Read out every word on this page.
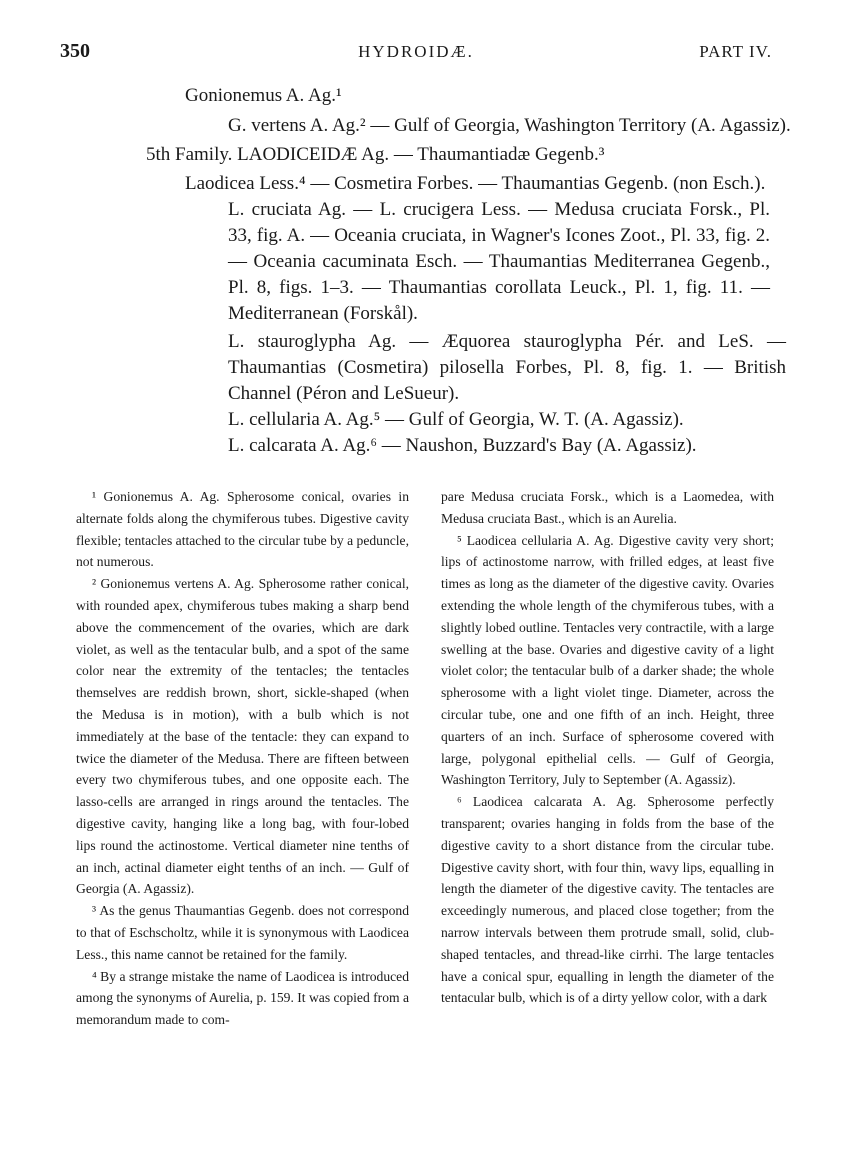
350	HYDROIDÆ.	PART IV.
Gonionemus A. Ag.¹
G. vertens A. Ag.² — Gulf of Georgia, Washington Territory (A. Agassiz).
5th Family. LAODICEIDÆ Ag. — Thaumantiadæ Gegenb.³
Laodicea Less.⁴ — Cosmetira Forbes. — Thaumantias Gegenb. (non Esch.).
L. cruciata Ag. — L. crucigera Less. — Medusa cruciata Forsk., Pl. 33, fig. A. — Oceania cruciata, in Wagner's Icones Zoot., Pl. 33, fig. 2. — Oceania cacuminata Esch. — Thaumantias Mediterranea Gegenb., Pl. 8, figs. 1–3. — Thaumantias corollata Leuck., Pl. 1, fig. 11. — Mediterranean (Forskål).
L. stauroglypha Ag. — Æquorea stauroglypha Pér. and LeS. — Thaumantias (Cosmetira) pilosella Forbes, Pl. 8, fig. 1. — British Channel (Péron and LeSueur).
L. cellularia A. Ag.⁵ — Gulf of Georgia, W. T. (A. Agassiz).
L. calcarata A. Ag.⁶ — Naushon, Buzzard's Bay (A. Agassiz).

¹ Gonionemus A. Ag. Spherosome conical, ovaries in alternate folds along the chymiferous tubes. Digestive cavity flexible; tentacles attached to the circular tube by a peduncle, not numerous.

² Gonionemus vertens A. Ag. Spherosome rather conical, with rounded apex, chymiferous tubes making a sharp bend above the commencement of the ovaries, which are dark violet, as well as the tentacular bulb, and a spot of the same color near the extremity of the tentacles; the tentacles themselves are reddish brown, short, sickle-shaped (when the Medusa is in motion), with a bulb which is not immediately at the base of the tentacle: they can expand to twice the diameter of the Medusa. There are fifteen between every two chymiferous tubes, and one opposite each. The lasso-cells are arranged in rings around the tentacles. The digestive cavity, hanging like a long bag, with four-lobed lips round the actinostome. Vertical diameter nine tenths of an inch, actinal diameter eight tenths of an inch. — Gulf of Georgia (A. Agassiz).

³ As the genus Thaumantias Gegenb. does not correspond to that of Eschscholtz, while it is synonymous with Laodicea Less., this name cannot be retained for the family.

⁴ By a strange mistake the name of Laodicea is introduced among the synonyms of Aurelia, p. 159. It was copied from a memorandum made to com-

pare Medusa cruciata Forsk., which is a Laomedea, with Medusa cruciata Bast., which is an Aurelia.

⁵ Laodicea cellularia A. Ag. Digestive cavity very short; lips of actinostome narrow, with frilled edges, at least five times as long as the diameter of the digestive cavity. Ovaries extending the whole length of the chymiferous tubes, with a slightly lobed outline. Tentacles very contractile, with a large swelling at the base. Ovaries and digestive cavity of a light violet color; the tentacular bulb of a darker shade; the whole spherosome with a light violet tinge. Diameter, across the circular tube, one and one fifth of an inch. Height, three quarters of an inch. Surface of spherosome covered with large, polygonal epithelial cells. — Gulf of Georgia, Washington Territory, July to September (A. Agassiz).

⁶ Laodicea calcarata A. Ag. Spherosome perfectly transparent; ovaries hanging in folds from the base of the digestive cavity to a short distance from the circular tube. Digestive cavity short, with four thin, wavy lips, equalling in length the diameter of the digestive cavity. The tentacles are exceedingly numerous, and placed close together; from the narrow intervals between them protrude small, solid, club-shaped tentacles, and thread-like cirrhi. The large tentacles have a conical spur, equalling in length the diameter of the tentacular bulb, which is of a dirty yellow color, with a dark
